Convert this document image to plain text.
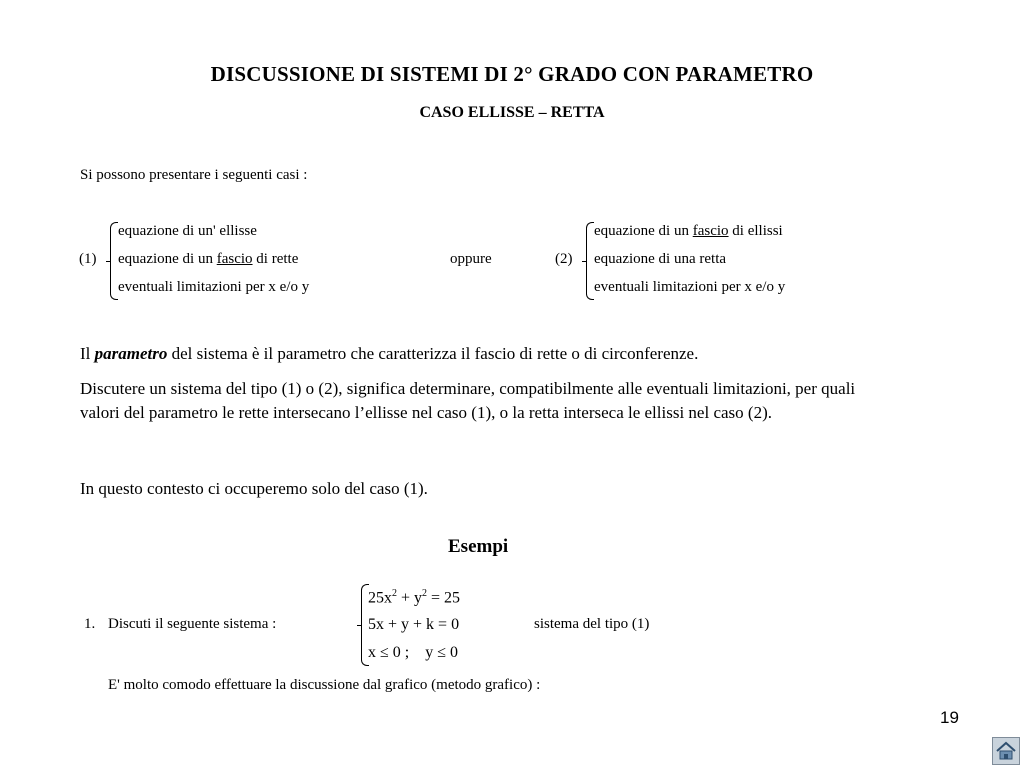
DISCUSSIONE DI SISTEMI DI 2° GRADO CON PARAMETRO
CASO ELLISSE – RETTA
Si possono presentare i seguenti casi :
(1)
equazione di un' ellisse
equazione di un fascio di rette
eventuali limitazioni per x e/o y
oppure	(2)
equazione di un fascio di ellissi
equazione di una retta
eventuali limitazioni per x e/o y
Il parametro del sistema è il parametro che caratterizza il fascio di rette o di circonferenze.
Discutere un sistema del tipo (1) o (2), significa determinare, compatibilmente alle eventuali limitazioni, per quali valori del parametro le rette intersecano l’ellisse nel caso (1), o la retta interseca le ellissi nel caso (2).
In questo contesto ci occuperemo solo del caso (1).
Esempi
1. Discuti il seguente sistema :
$25x^2 + y^2 = 25$
5x + y + k = 0
x ≤ 0 ;    y ≤ 0
sistema del tipo (1)
E' molto comodo effettuare la discussione dal grafico (metodo grafico) :
19
